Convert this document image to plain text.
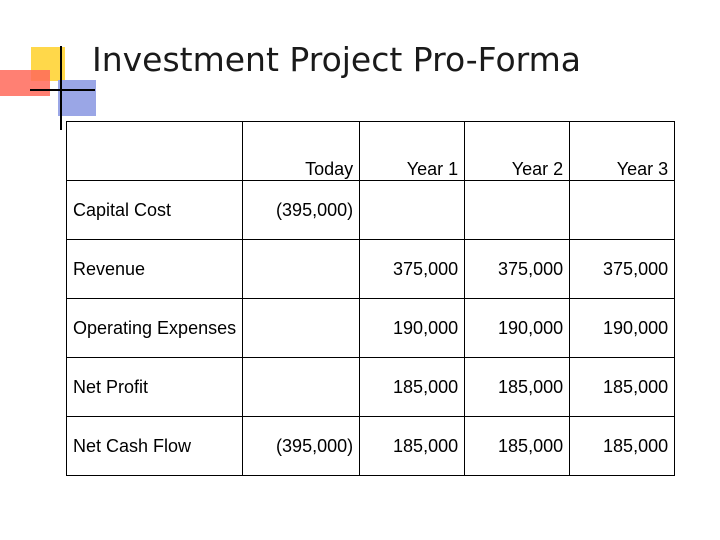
Investment Project Pro-Forma
	Today	Year 1	Year 2	Year 3
Capital Cost	(395,000)			
Revenue		375,000	375,000	375,000
Operating Expenses		190,000	190,000	190,000
Net Profit		185,000	185,000	185,000
Net Cash Flow	(395,000)	185,000	185,000	185,000
